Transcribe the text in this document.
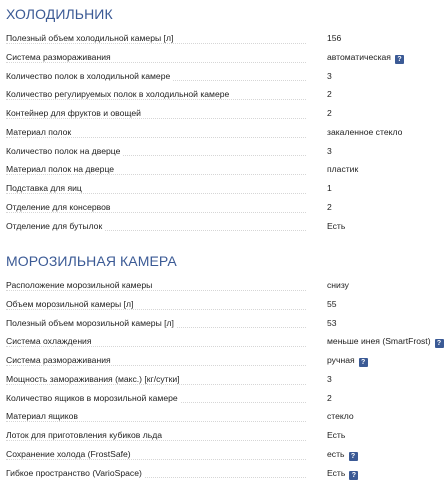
ХОЛОДИЛЬНИК
Полезный объем холодильной камеры [л]	156
Система размораживания	автоматическая ?
Количество полок в холодильной камере	3
Количество регулируемых полок в холодильной камере	2
Контейнер для фруктов и овощей	2
Материал полок	закаленное стекло
Количество полок на дверце	3
Материал полок на дверце	пластик
Подставка для яиц	1
Отделение для консервов	2
Отделение для бутылок	Есть
МОРОЗИЛЬНАЯ КАМЕРА
Расположение морозильной камеры	снизу
Объем морозильной камеры [л]	55
Полезный объем морозильной камеры [л]	53
Система охлаждения	меньше инея (SmartFrost) ?
Система размораживания	ручная ?
Мощность замораживания (макс.) [кг/сутки]	3
Количество ящиков в морозильной камере	2
Материал ящиков	стекло
Лоток для приготовления кубиков льда	Есть
Сохранение холода (FrostSafe)	есть ?
Гибкое пространство (VarioSpace)	Есть ?
